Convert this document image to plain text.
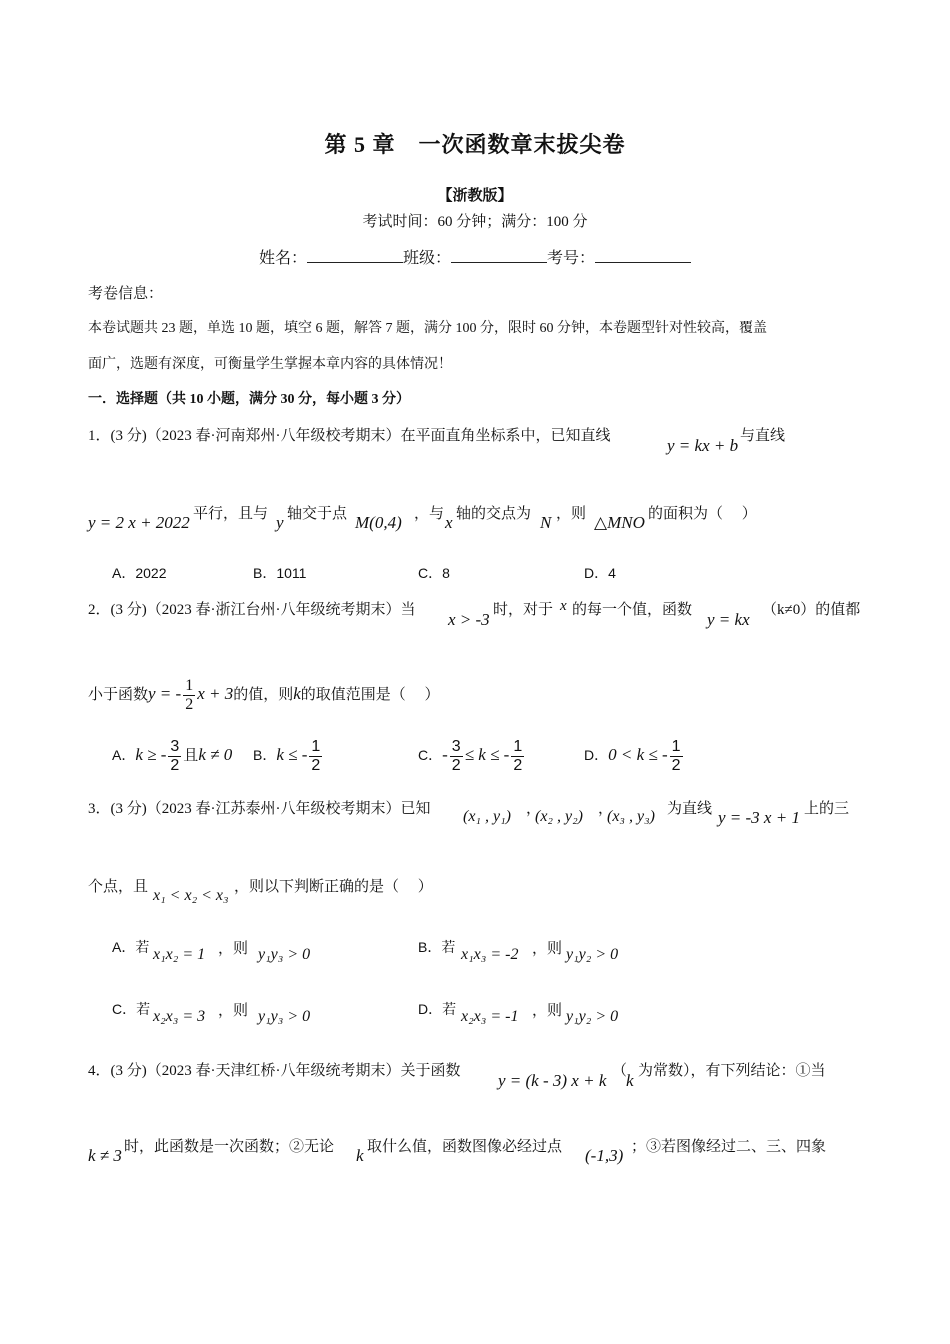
第 5 章　一次函数章末拔尖卷
【浙教版】
考试时间：60 分钟；满分：100 分
姓名：	班级：	考号：
考卷信息：
本卷试题共 23 题，单选 10 题，填空 6 题，解答 7 题，满分 100 分，限时 60 分钟，本卷题型针对性较高，覆盖
面广，选题有深度，可衡量学生掌握本章内容的具体情况！
一．选择题（共 10 小题，满分 30 分，每小题 3 分）
1．(3 分)（2023 春·河南郑州·八年级校考期末）在平面直角坐标系中，已知直线	y = kx + b 与直线
y = 2 x + 2022 平行，且与 y 轴交于点 M(0,4) ，与 x 轴的交点为 N ，则 △MNO 的面积为（　 ）
A．2022	B．1011	C．8	D．4
2．(3 分)（2023 春·浙江台州·八年级统考期末）当 x > -3 时，对于 x 的每一个值，函数 y = kx （k≠0）的值都
小于函数y = - $\frac{1}{2}$ x + 3的值，则k的取值范围是（　 ）
A．k ≥ - $\frac{3}{2}$ 且k ≠ 0 B．k ≤ - $\frac{1}{2}$	C．- $\frac{3}{2} \le k$ ≤ - $\frac{1}{2}$	D．0 < k ≤ - $\frac{1}{2}$
3．(3 分)（2023 春·江苏泰州·八年级校考期末）已知 (x₁ , y₁) ，
(x₂ , y₂) ，
(x₃ , y₃) 为直线 y = -3 x + 1 上的三
个点，且 x₁ < x₂ < x₃ ，则以下判断正确的是（　 ）
A．若 x₁x₂ = 1 ，则 y₁y₃ > 0	B．若 x₁x₃ = -2 ，则 y₁y₂ > 0
C．若 x₂x₃ = 3 ，则 y₁y₃ > 0	D．若 x₂x₃ = -1 ，则 y₁y₂ > 0
4．(3 分)（2023 春·天津红桥·八年级统考期末）关于函数 y = (k - 3) x + k （
k 为常数），有下列结论：①当
k ≠ 3 时，此函数是一次函数；②无论 k 取什么值，函数图像必经过点 (-1,3) ；③若图像经过二、三、四象
